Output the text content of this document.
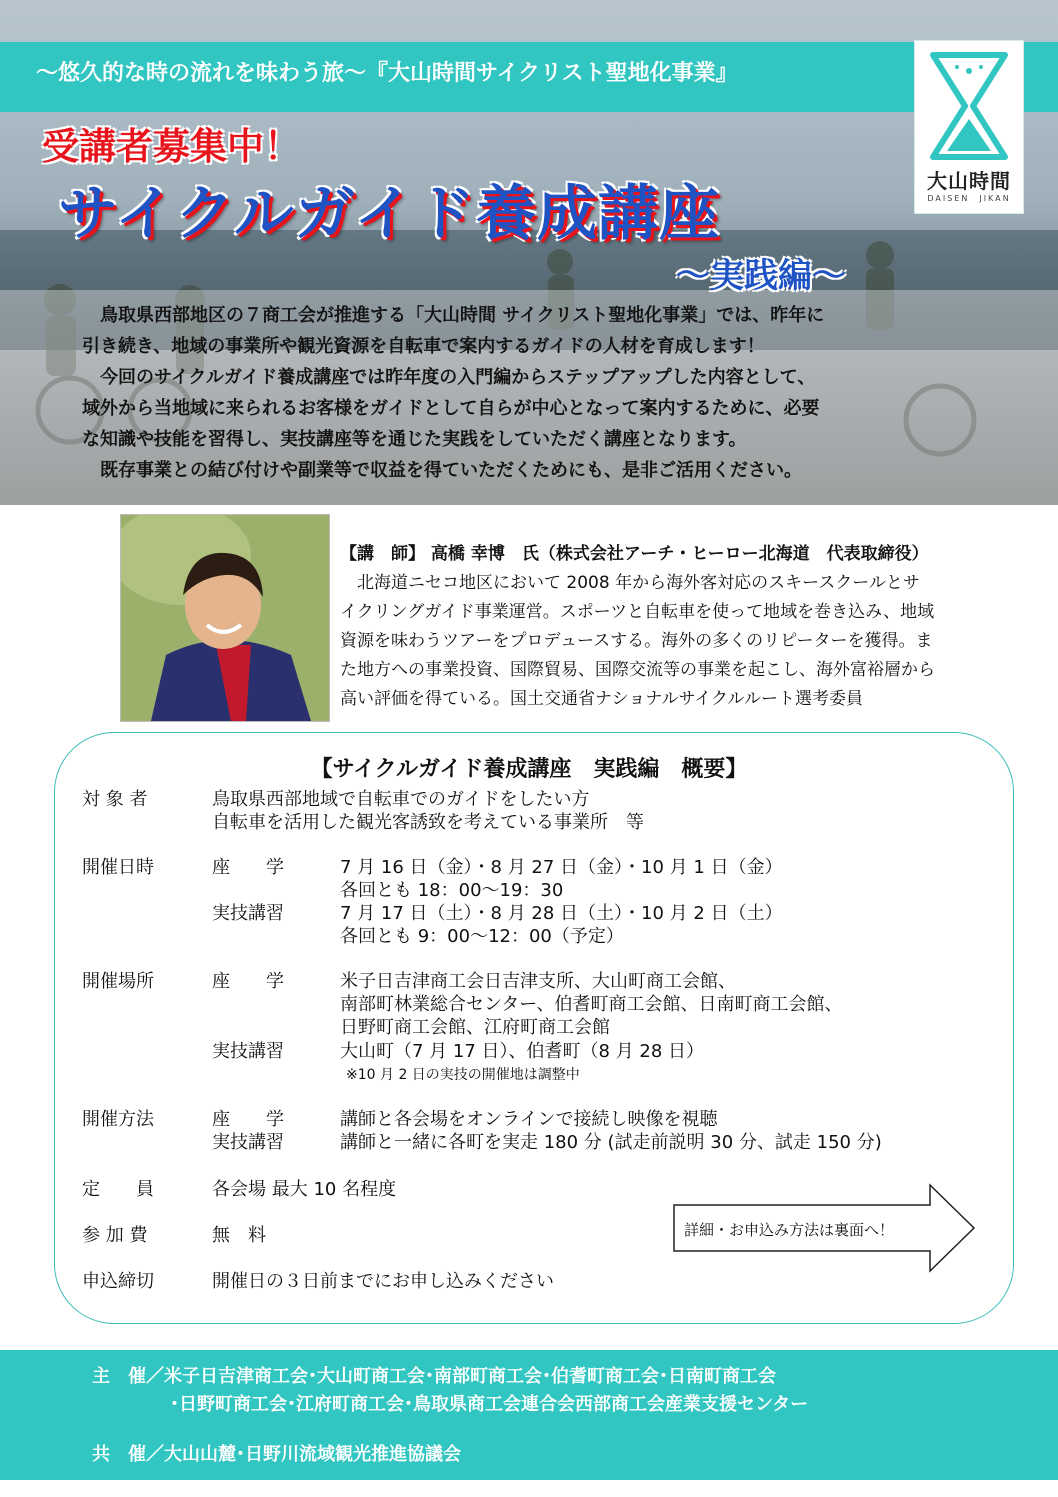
～悠久的な時の流れを味わう旅～『大山時間サイクリスト聖地化事業』
大山時間
DAISEN　JIKAN
受講者募集中！
サイクルガイド養成講座
～実践編～

　鳥取県西部地区の７商工会が推進する「大山時間 サイクリスト聖地化事業」では、昨年に

引き続き、地域の事業所や観光資源を自転車で案内するガイドの人材を育成します！

　今回のサイクルガイド養成講座では昨年度の入門編からステップアップした内容として、

域外から当地域に来られるお客様をガイドとして自らが中心となって案内するために、必要

な知識や技能を習得し、実技講座等を通じた実践をしていただく講座となります。

　既存事業との結び付けや副業等で収益を得ていただくためにも、是非ご活用ください。

【講　師】 高橋 幸博　氏（株式会社アーチ・ヒーロー北海道　代表取締役）

　北海道ニセコ地区において 2008 年から海外客対応のスキースクールとサ

イクリングガイド事業運営。スポーツと自転車を使って地域を巻き込み、地域

資源を味わうツアーをプロデュースする。海外の多くのリピーターを獲得。ま

た地方への事業投資、国際貿易、国際交流等の事業を起こし、海外富裕層から

高い評価を得ている。国土交通省ナショナルサイクルルート選考委員

【サイクルガイド養成講座　実践編　概要】
対 象 者	鳥取県西部地域で自転車でのガイドをしたい方
自転車を活用した観光客誘致を考えている事業所　等
開催日時	座　　学	7 月 16 日（金）・8 月 27 日（金）・10 月 1 日（金）
各回とも 18：00～19：30
実技講習	7 月 17 日（土）・8 月 28 日（土）・10 月 2 日（土）
各回とも 9：00～12：00（予定）
開催場所	座　　学	米子日吉津商工会日吉津支所、大山町商工会館、
南部町林業総合センター、伯耆町商工会館、日南町商工会館、
日野町商工会館、江府町商工会館
実技講習	大山町（7 月 17 日）、伯耆町（8 月 28 日）
※10 月 2 日の実技の開催地は調整中
開催方法	座　　学	講師と各会場をオンラインで接続し映像を視聴
実技講習	講師と一緒に各町を実走 180 分 (試走前説明 30 分、試走 150 分)
定　　員	各会場 最大 10 名程度
参 加 費	無　料
申込締切	開催日の３日前までにお申し込みください
詳細・お申込み方法は裏面へ！
主　催／米子日吉津商工会･大山町商工会･南部町商工会･伯耆町商工会･日南町商工会
･日野町商工会･江府町商工会･鳥取県商工会連合会西部商工会産業支援センター
共　催／大山山麓･日野川流域観光推進協議会
